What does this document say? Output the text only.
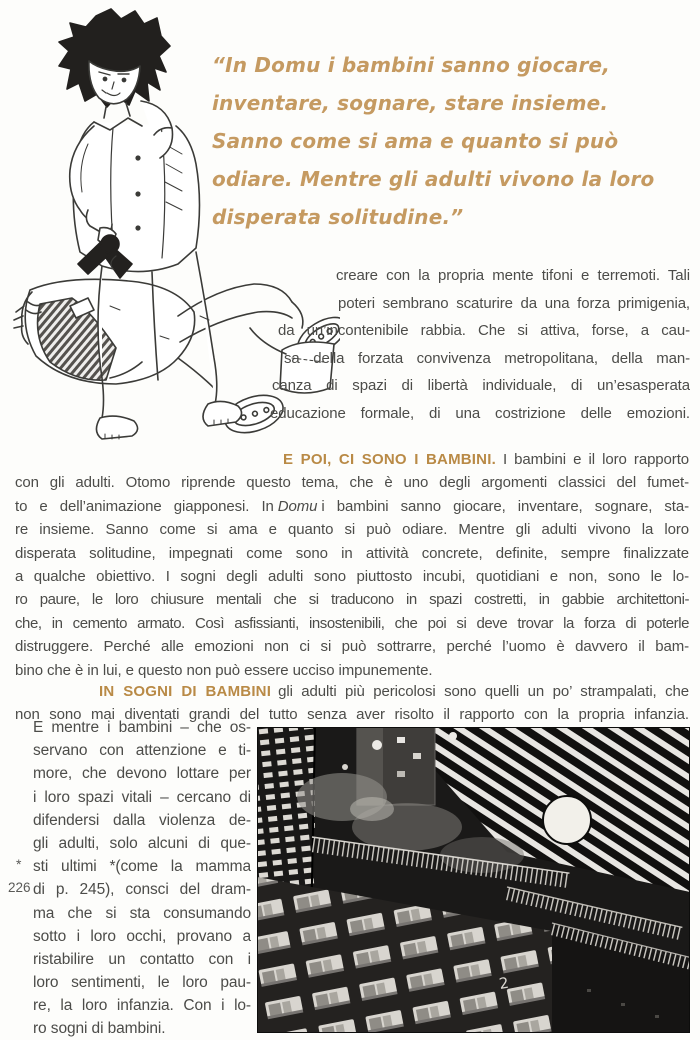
“In Domu i bambini sanno giocare,
inventare, sognare, stare insieme.
Sanno come si ama e quanto si può
odiare. Mentre gli adulti vivono la loro
disperata solitudine.”
creare con la propria mente tifoni e terremoti. Tali
poteri sembrano scaturire da una forza primigenia,
da un’incontenibile rabbia. Che si attiva, forse, a cau-
sa della forzata convivenza metropolitana, della man-
canza di spazi di libertà individuale, di un’esasperata
educazione formale, di una costrizione delle emozioni.
E POI, CI SONO I BAMBINI. I bambini e il loro rapporto
con gli adulti. Otomo riprende questo tema, che è uno degli argomenti classici del fumet-
to e dell’animazione giapponesi. In Domu i bambini sanno giocare, inventare, sognare, sta-
re insieme. Sanno come si ama e quanto si può odiare. Mentre gli adulti vivono la loro
disperata solitudine, impegnati come sono in attività concrete, definite, sempre finalizzate
a qualche obiettivo. I sogni degli adulti sono piuttosto incubi, quotidiani e non, sono le lo-
ro paure, le loro chiusure mentali che si traducono in spazi costretti, in gabbie architettoni-
che, in cemento armato. Così asfissianti, insostenibili, che poi si deve trovar la forza di poterle
distruggere. Perché alle emozioni non ci si può sottrarre, perché l’uomo è davvero il bam-
bino che è in lui, e questo non può essere ucciso impunemente.
IN SOGNI DI BAMBINI gli adulti più pericolosi sono quelli un po’ strampalati, che
non sono mai diventati grandi del tutto senza aver risolto il rapporto con la propria infanzia.
E mentre i bambini – che os-
servano con attenzione e ti-
more, che devono lottare per
i loro spazi vitali – cercano di
difendersi dalla violenza de-
gli adulti, solo alcuni di que-
sti ultimi *(come la mamma
di p. 245), consci del dram-
ma che si sta consumando
sotto i loro occhi, provano a
ristabilire un contatto con i
loro sentimenti, le loro pau-
re, la loro infanzia. Con i lo-
ro sogni di bambini.
2
*
226
